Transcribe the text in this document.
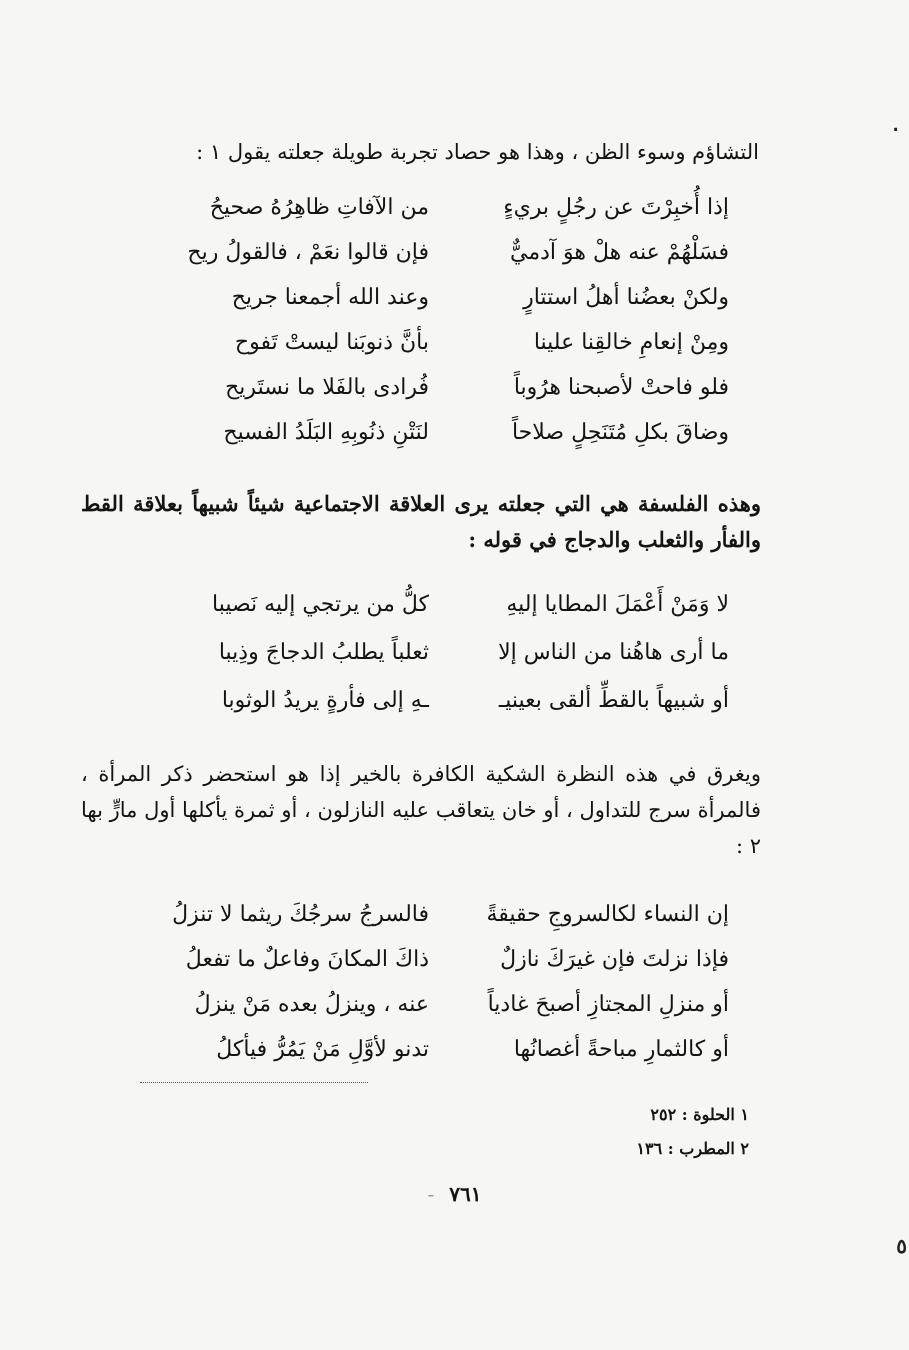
٠
٥

التشاؤم وسوء الظن ، وهذا هو حصاد تجربة طويلة جعلته يقول ١ :

إذا أُخبِرْتَ عن رجُلٍ بريءٍ
من الآفاتِ ظاهِرُهُ صحيحُ
فسَلْهُمْ عنه هلْ هوَ آدميٌّ
فإن قالوا نعَمْ ، فالقولُ ريح
ولكنْ بعضُنا أهلُ استتارٍ
وعند الله أجمعنا جريح
ومِنْ إنعامِ خالقِنا علينا
بأنَّ ذنوبَنا ليستْ تَفوح
فلو فاحتْ لأصبحنا هرُوباً
فُرادى بالفَلا ما نستَريح
وضاقَ بكلِ مُتَنَحِلٍ صلاحاً
لنَتْنِ ذنُوبِهِ البَلَدُ الفسيح

وهذه الفلسفة هي التي جعلته يرى العلاقة الاجتماعية شيئاً شبيهاً بعلاقة القط والفأر والثعلب والدجاج في قوله :

لا وَمَنْ أَعْمَلَ المطايا إليهِ
كلُّ من يرتجي إليه نَصيبا
ما أرى هاهُنا من الناس إلا
ثعلباً يطلبُ الدجاجَ وذِيبا
أو شبيهاً بالقطِّ ألقى بعينيـ
ـهِ إلى فأرةٍ يريدُ الوثوبا

ويغرق في هذه النظرة الشكية الكافرة بالخير إذا هو استحضر ذكر المرأة ، فالمرأة سرج للتداول ، أو خان يتعاقب عليه النازلون ، أو ثمرة يأكلها أول مارٍّ بها ٢ :

إن النساء لكالسروجِ حقيقةً
فالسرجُ سرجُكَ ريثما لا تنزلُ
فإذا نزلتَ فإن غيرَكَ نازلٌ
ذاكَ المكانَ وفاعلٌ ما تفعلُ
أو منزلِ المجتازِ أصبحَ غادياً
عنه ، وينزلُ بعده مَنْ ينزلُ
أو كالثمارِ مباحةً أغصانُها
تدنو لأوَّلِ مَنْ يَمُرُّ فيأكلُ
١ الحلوة : ٢٥٢
٢ المطرب : ١٣٦
- ١٦٧
